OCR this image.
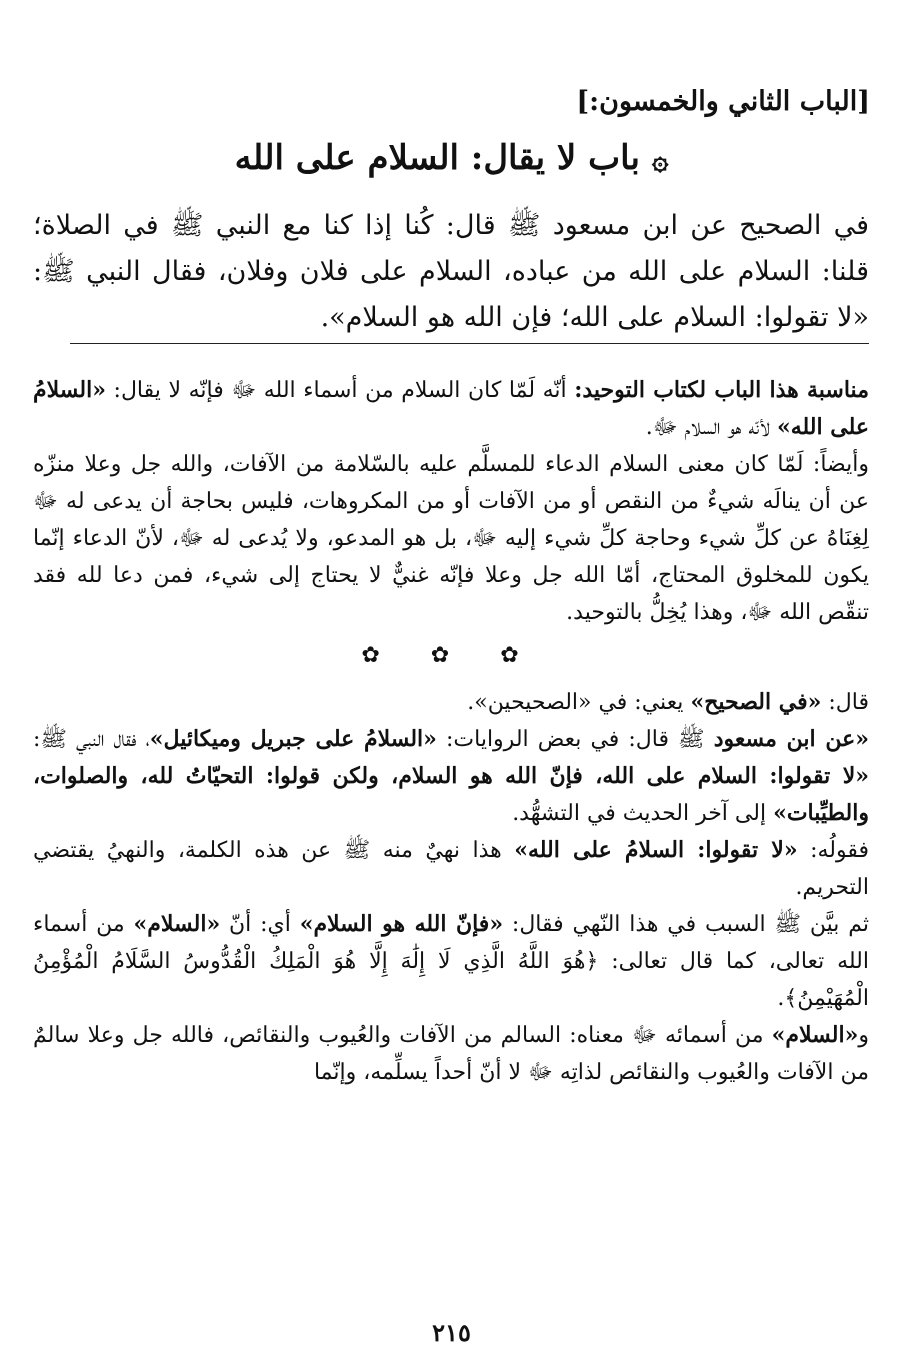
[الباب الثاني والخمسون:]
۞باب لا يقال: السلام على الله

في الصحيح عن ابن مسعود ﷺ قال: كُنا إذا كنا مع النبي ﷺ في الصلاة؛ قلنا: السلام على الله من عباده، السلام على فلان وفلان، فقال النبي ﷺ: «لا تقولوا: السلام على الله؛ فإن الله هو السلام».

مناسبة هذا الباب لكتاب التوحيد: أنّه لَمّا كان السلام من أسماء الله ﷻ فإنّه لا يقال: «السلامُ على الله» لأنّه هو السلام ﷻ.

وأيضاً: لَمّا كان معنى السلام الدعاء للمسلَّم عليه بالسّلامة من الآفات، والله جل وعلا منزّه عن أن ينالَه شيءٌ من النقص أو من الآفات أو من المكروهات، فليس بحاجة أن يدعى له ﷻ لِغِنَاهُ عن كلِّ شيء وحاجة كلِّ شيء إليه ﷻ، بل هو المدعو، ولا يُدعى له ﷻ، لأنّ الدعاء إنّما يكون للمخلوق المحتاج، أمّا الله جل وعلا فإنّه غنيٌّ لا يحتاج إلى شيء، فمن دعا لله فقد تنقّص الله ﷻ، وهذا يُخِلُّ بالتوحيد.

✿ ✿ ✿

قال: «في الصحيح» يعني: في «الصحيحين».

«عن ابن مسعود ﷺ قال: في بعض الروايات: «السلامُ على جبريل وميكائيل»، فقال النبي ﷺ: «لا تقولوا: السلام على الله، فإنّ الله هو السلام، ولكن قولوا: التحيّاتُ لله، والصلوات، والطيِّبات» إلى آخر الحديث في التشهُّد.

فقولُه: «لا تقولوا: السلامُ على الله» هذا نهيٌ منه ﷺ عن هذه الكلمة، والنهيُ يقتضي التحريم.

ثم بيَّن ﷺ السبب في هذا النّهي فقال: «فإنّ الله هو السلام» أي: أنّ «السلام» من أسماء الله تعالى، كما قال تعالى: ﴿هُوَ اللَّهُ الَّذِي لَا إِلَٰهَ إِلَّا هُوَ الْمَلِكُ الْقُدُّوسُ السَّلَامُ الْمُؤْمِنُ الْمُهَيْمِنُ﴾.

و«السلام» من أسمائه ﷻ معناه: السالم من الآفات والعُيوب والنقائص، فالله جل وعلا سالمٌ من الآفات والعُيوب والنقائص لذاتِه ﷻ لا أنّ أحداً يسلِّمه، وإنّما

٢١٥
